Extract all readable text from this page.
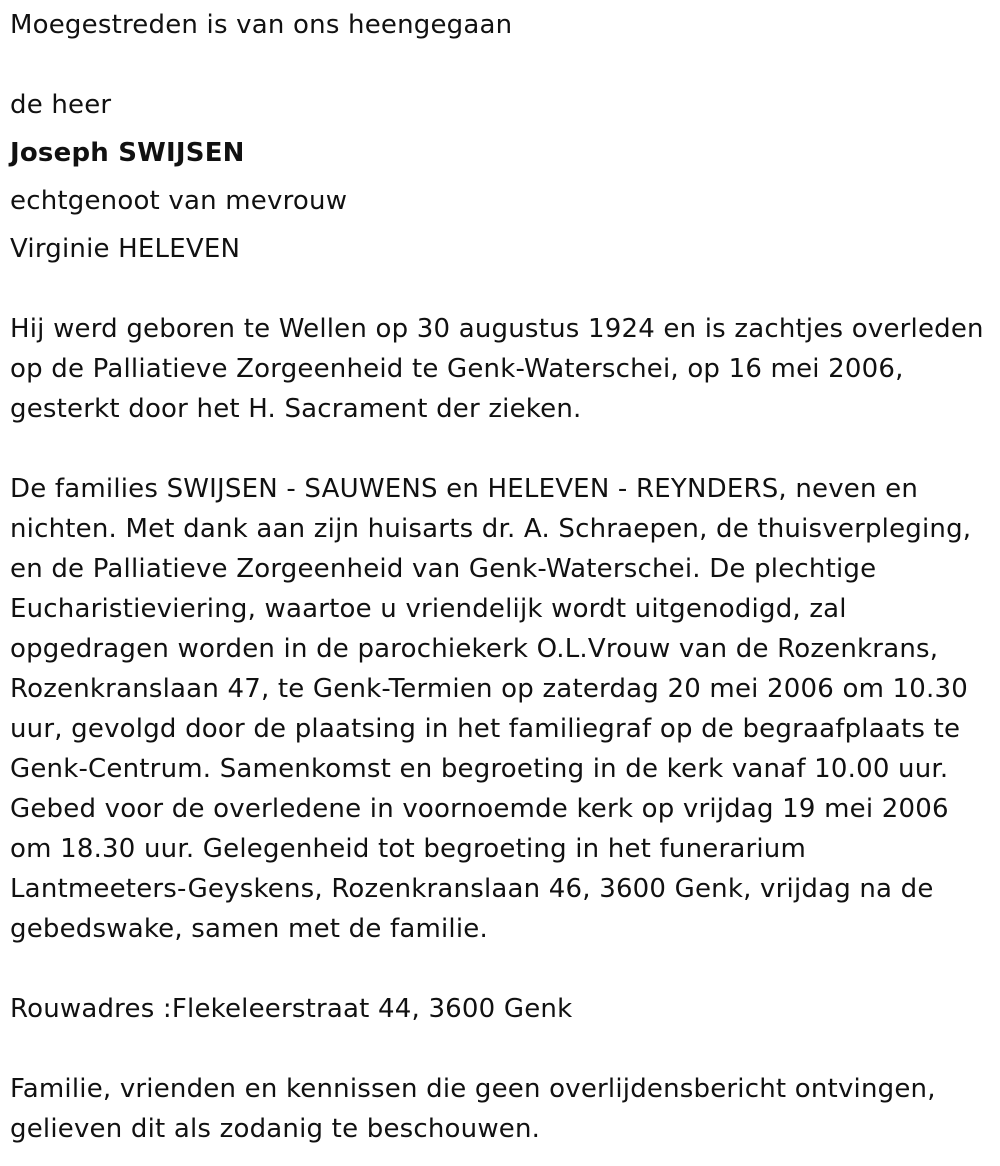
Moegestreden is van ons heengegaan
de heer
Joseph SWIJSEN
echtgenoot van mevrouw
Virginie HELEVEN
Hij werd geboren te Wellen op 30 augustus 1924 en is zachtjes overleden
op de Palliatieve Zorgeenheid te Genk-Waterschei, op 16 mei 2006,
gesterkt door het H. Sacrament der zieken.
De families SWIJSEN - SAUWENS en HELEVEN - REYNDERS, neven en
nichten. Met dank aan zijn huisarts dr. A. Schraepen, de thuisverpleging,
en de Palliatieve Zorgeenheid van Genk-Waterschei. De plechtige
Eucharistieviering, waartoe u vriendelijk wordt uitgenodigd, zal
opgedragen worden in de parochiekerk O.L.Vrouw van de Rozenkrans,
Rozenkranslaan 47, te Genk-Termien op zaterdag 20 mei 2006 om 10.30
uur, gevolgd door de plaatsing in het familiegraf op de begraafplaats te
Genk-Centrum. Samenkomst en begroeting in de kerk vanaf 10.00 uur.
Gebed voor de overledene in voornoemde kerk op vrijdag 19 mei 2006
om 18.30 uur. Gelegenheid tot begroeting in het funerarium
Lantmeeters-Geyskens, Rozenkranslaan 46, 3600 Genk, vrijdag na de
gebedswake, samen met de familie.
Rouwadres :Flekeleerstraat 44, 3600 Genk
Familie, vrienden en kennissen die geen overlijdensbericht ontvingen,
gelieven dit als zodanig te beschouwen.
